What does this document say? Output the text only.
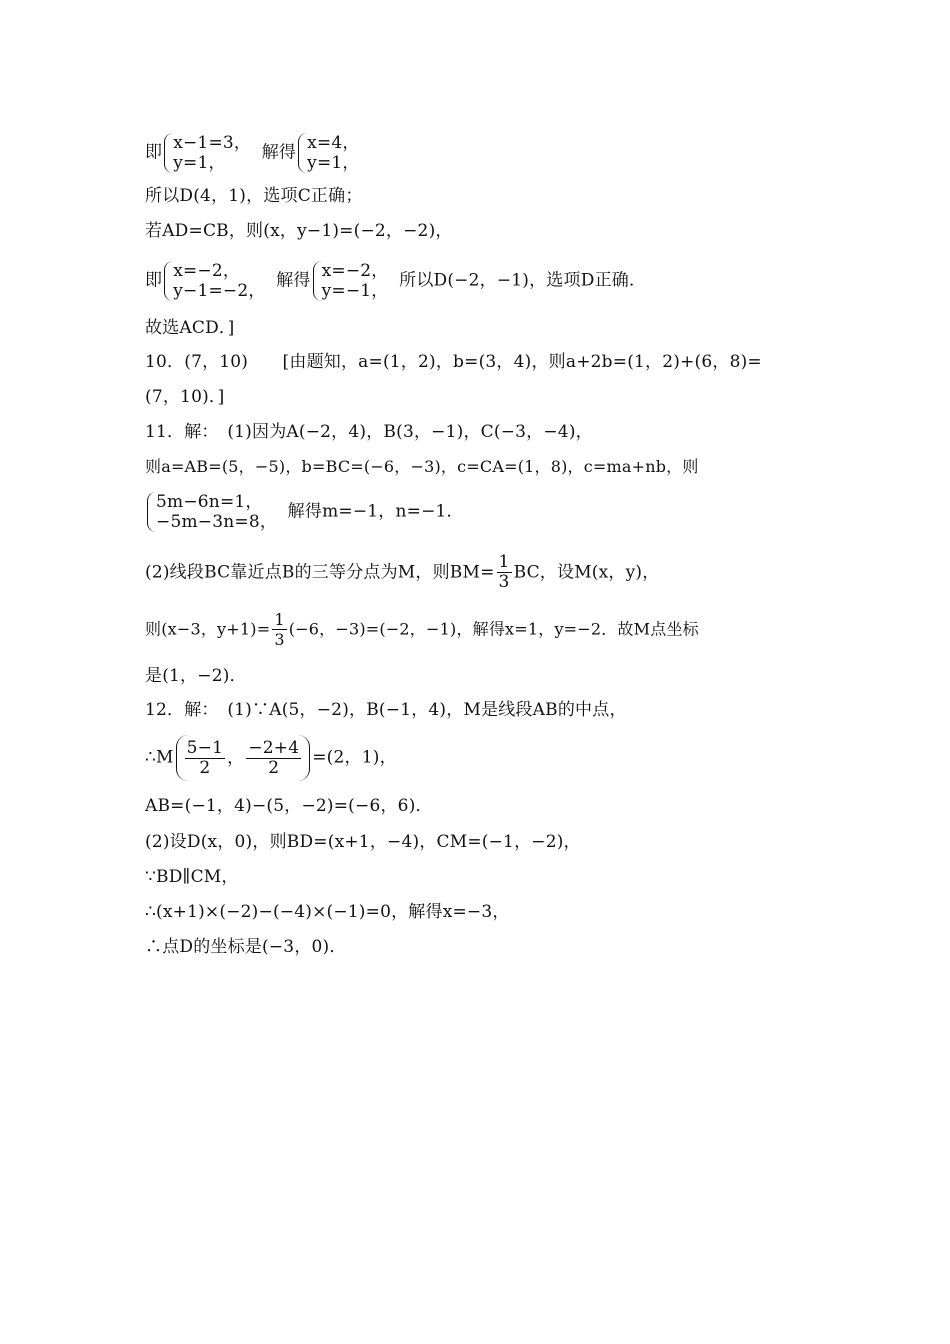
即 x−1=3，
y=1，	解得 x=4，
y=1，
所以D(4，1)，选项C正确；
若AD=CB，则(x，y−1)=(−2，−2)，
即 x=−2，
y−1=−2， 解得 x=−2，
y=−1， 所以D(−2，−1)，选项D正确．
故选ACD．]
10．(7，10)　　[由题知，a=(1，2)，b=(3，4)，则a+2b=(1，2)+(6，8)=
(7，10)．]
11．解：　(1)因为A(−2，4)，B(3，−1)，C(−3，−4)，
则a=AB=(5，−5)，b=BC=(−6，−3)，c=CA=(1，8)，c=ma+nb，则
5m−6n=1，
−5m−3n=8， 解得m=−1，n=−1．
(2)线段BC靠近点B的三等分点为M，则$BM= \frac{1}{3}$ BC，设M(x，y)，
则(x−3，$y+1)= \frac{1}{3} (-6$，−3)=(−2，−1)，解得x=1，y=−2．故M点坐标
是(1，−2)．
12．解：　(1)∵A(5，−2)，B(−1，4)，M是线段AB的中点，
∴M $\frac{5-1}{2}$ ， $\frac{-2+4}{2} =(2$，1)，
AB=(−1，4)−(5，−2)=(−6，6)．
(2)设D(x，0)，则BD=(x+1，−4)，CM=(−1，−2)，
∵BD∥CM，
∴(x+1)×(−2)−(−4)×(−1)=0，解得x=−3，
∴点D的坐标是(−3，0)．
